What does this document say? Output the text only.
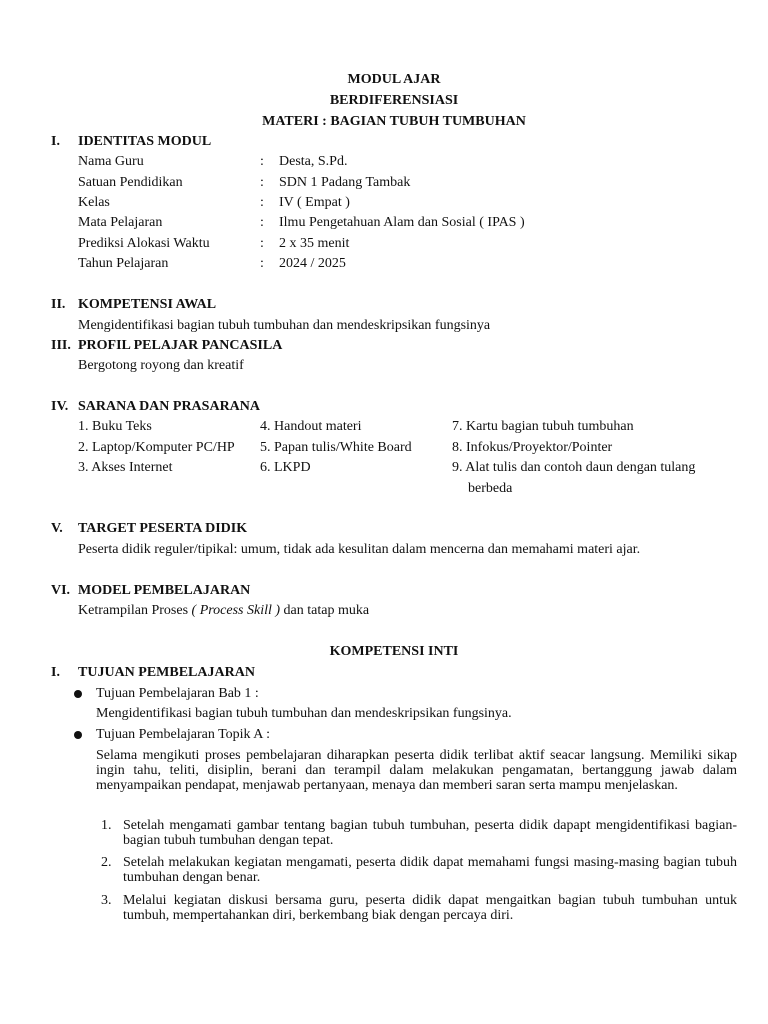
MODUL AJAR
BERDIFERENSIASI
MATERI : BAGIAN TUBUH TUMBUHAN
I. IDENTITAS MODUL
Nama Guru	: Desta, S.Pd.
Satuan Pendidikan	: SDN 1 Padang Tambak
Kelas	: IV ( Empat )
Mata Pelajaran	: Ilmu Pengetahuan Alam dan Sosial ( IPAS )
Prediksi Alokasi Waktu	: 2 x 35 menit
Tahun Pelajaran	: 2024 / 2025
II. KOMPETENSI AWAL
Mengidentifikasi bagian tubuh tumbuhan dan mendeskripsikan fungsinya
III. PROFIL PELAJAR PANCASILA
Bergotong royong dan kreatif
IV. SARANA DAN PRASARANA
1. Buku Teks	4. Handout materi	7. Kartu bagian tubuh tumbuhan
2. Laptop/Komputer PC/HP 5. Papan tulis/White Board	8. Infokus/Proyektor/Pointer
3. Akses Internet	6. LKPD	9. Alat tulis dan contoh daun dengan tulang
berbeda
V. TARGET PESERTA DIDIK
Peserta didik reguler/tipikal: umum, tidak ada kesulitan dalam mencerna dan memahami materi ajar.
VI. MODEL PEMBELAJARAN
Ketrampilan Proses ( Process Skill ) dan tatap muka
KOMPETENSI INTI
I. TUJUAN PEMBELAJARAN
Tujuan Pembelajaran Bab 1 :
Mengidentifikasi bagian tubuh tumbuhan dan mendeskripsikan fungsinya.
Tujuan Pembelajaran Topik A :
Selama mengikuti proses pembelajaran diharapkan peserta didik terlibat aktif seacar langsung. Memiliki sikap ingin tahu, teliti, disiplin, berani dan terampil dalam melakukan pengamatan, bertanggung jawab dalam menyampaikan pendapat, menjawab pertanyaan, menaya dan memberi saran serta mampu menjelaskan.
1. Setelah mengamati gambar tentang bagian tubuh tumbuhan, peserta didik dapapt mengidentifikasi bagian-bagian tubuh tumbuhan dengan tepat.
2. Setelah melakukan kegiatan mengamati, peserta didik dapat memahami fungsi masing-masing bagian tubuh tumbuhan dengan benar.
3. Melalui kegiatan diskusi bersama guru, peserta didik dapat mengaitkan bagian tubuh tumbuhan untuk tumbuh, mempertahankan diri, berkembang biak dengan percaya diri.
